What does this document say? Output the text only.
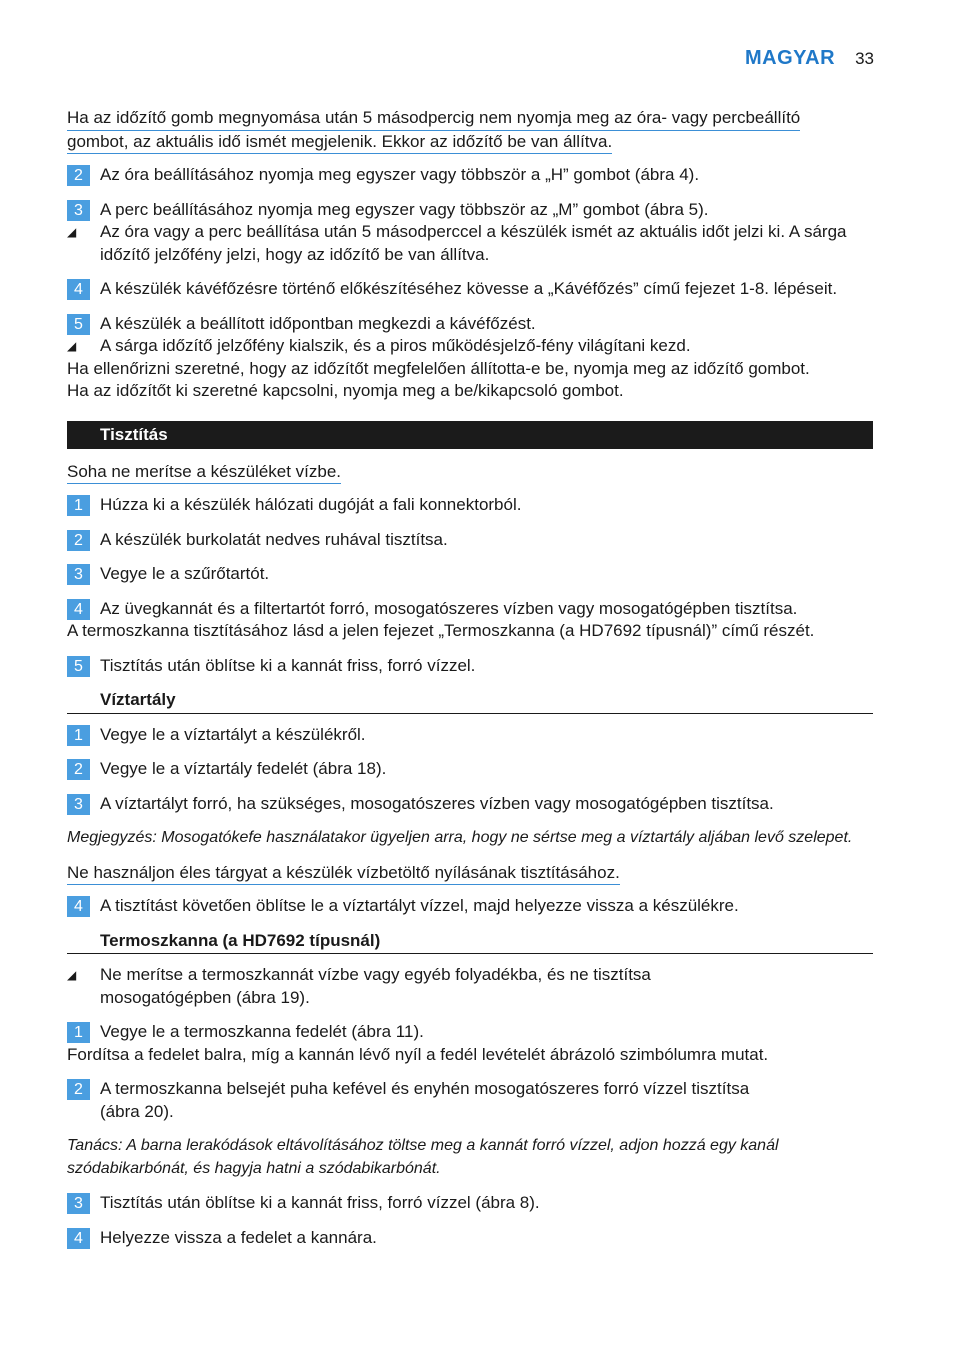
MAGYAR 33
Ha az időzítő gomb megnyomása után 5 másodpercig nem nyomja meg az óra- vagy percbeállító
gombot, az aktuális idő ismét megjelenik. Ekkor az időzítő be van állítva.
2	Az óra beállításához nyomja meg egyszer vagy többször a „H” gombot (ábra 4).
3	A perc beállításához nyomja meg egyszer vagy többször az „M” gombot (ábra 5).
◢	Az óra vagy a perc beállítása után 5 másodperccel a készülék ismét az aktuális időt jelzi ki. A sárga időzítő jelzőfény jelzi, hogy az időzítő be van állítva.
4	A készülék kávéfőzésre történő előkészítéséhez kövesse a „Kávéfőzés” című fejezet 1-8. lépéseit.
5	A készülék a beállított időpontban megkezdi a kávéfőzést.
◢	A sárga időzítő jelzőfény kialszik, és a piros működésjelző-fény világítani kezd.
Ha ellenőrizni szeretné, hogy az időzítőt megfelelően állította-e be, nyomja meg az időzítő gombot.
Ha az időzítőt ki szeretné kapcsolni, nyomja meg a be/kikapcsoló gombot.
Tisztítás
Soha ne merítse a készüléket vízbe.
1	Húzza ki a készülék hálózati dugóját a fali konnektorból.
2	A készülék burkolatát nedves ruhával tisztítsa.
3	Vegye le a szűrőtartót.
4	Az üvegkannát és a filtertartót forró, mosogatószeres vízben vagy mosogatógépben tisztítsa.
A termoszkanna tisztításához lásd a jelen fejezet „Termoszkanna (a HD7692 típusnál)” című részét.
5	Tisztítás után öblítse ki a kannát friss, forró vízzel.
Víztartály
1	Vegye le a víztartályt a készülékről.
2	Vegye le a víztartály fedelét (ábra 18).
3	A víztartályt forró, ha szükséges, mosogatószeres vízben vagy mosogatógépben tisztítsa.
Megjegyzés: Mosogatókefe használatakor ügyeljen arra, hogy ne sértse meg a víztartály aljában levő szelepet.
Ne használjon éles tárgyat a készülék vízbetöltő nyílásának tisztításához.
4	A tisztítást követően öblítse le a víztartályt vízzel, majd helyezze vissza a készülékre.
Termoszkanna (a HD7692 típusnál)
◢	Ne merítse a termoszkannát vízbe vagy egyéb folyadékba, és ne tisztítsa mosogatógépben (ábra 19).
1	Vegye le a termoszkanna fedelét (ábra 11).
Fordítsa a fedelet balra, míg a kannán lévő nyíl a fedél levételét ábrázoló szimbólumra mutat.
2	A termoszkanna belsejét puha kefével és enyhén mosogatószeres forró vízzel tisztítsa (ábra 20).
Tanács: A barna lerakódások eltávolításához töltse meg a kannát forró vízzel, adjon hozzá egy kanál szódabikarbónát, és hagyja hatni a szódabikarbónát.
3	Tisztítás után öblítse ki a kannát friss, forró vízzel (ábra 8).
4	Helyezze vissza a fedelet a kannára.
